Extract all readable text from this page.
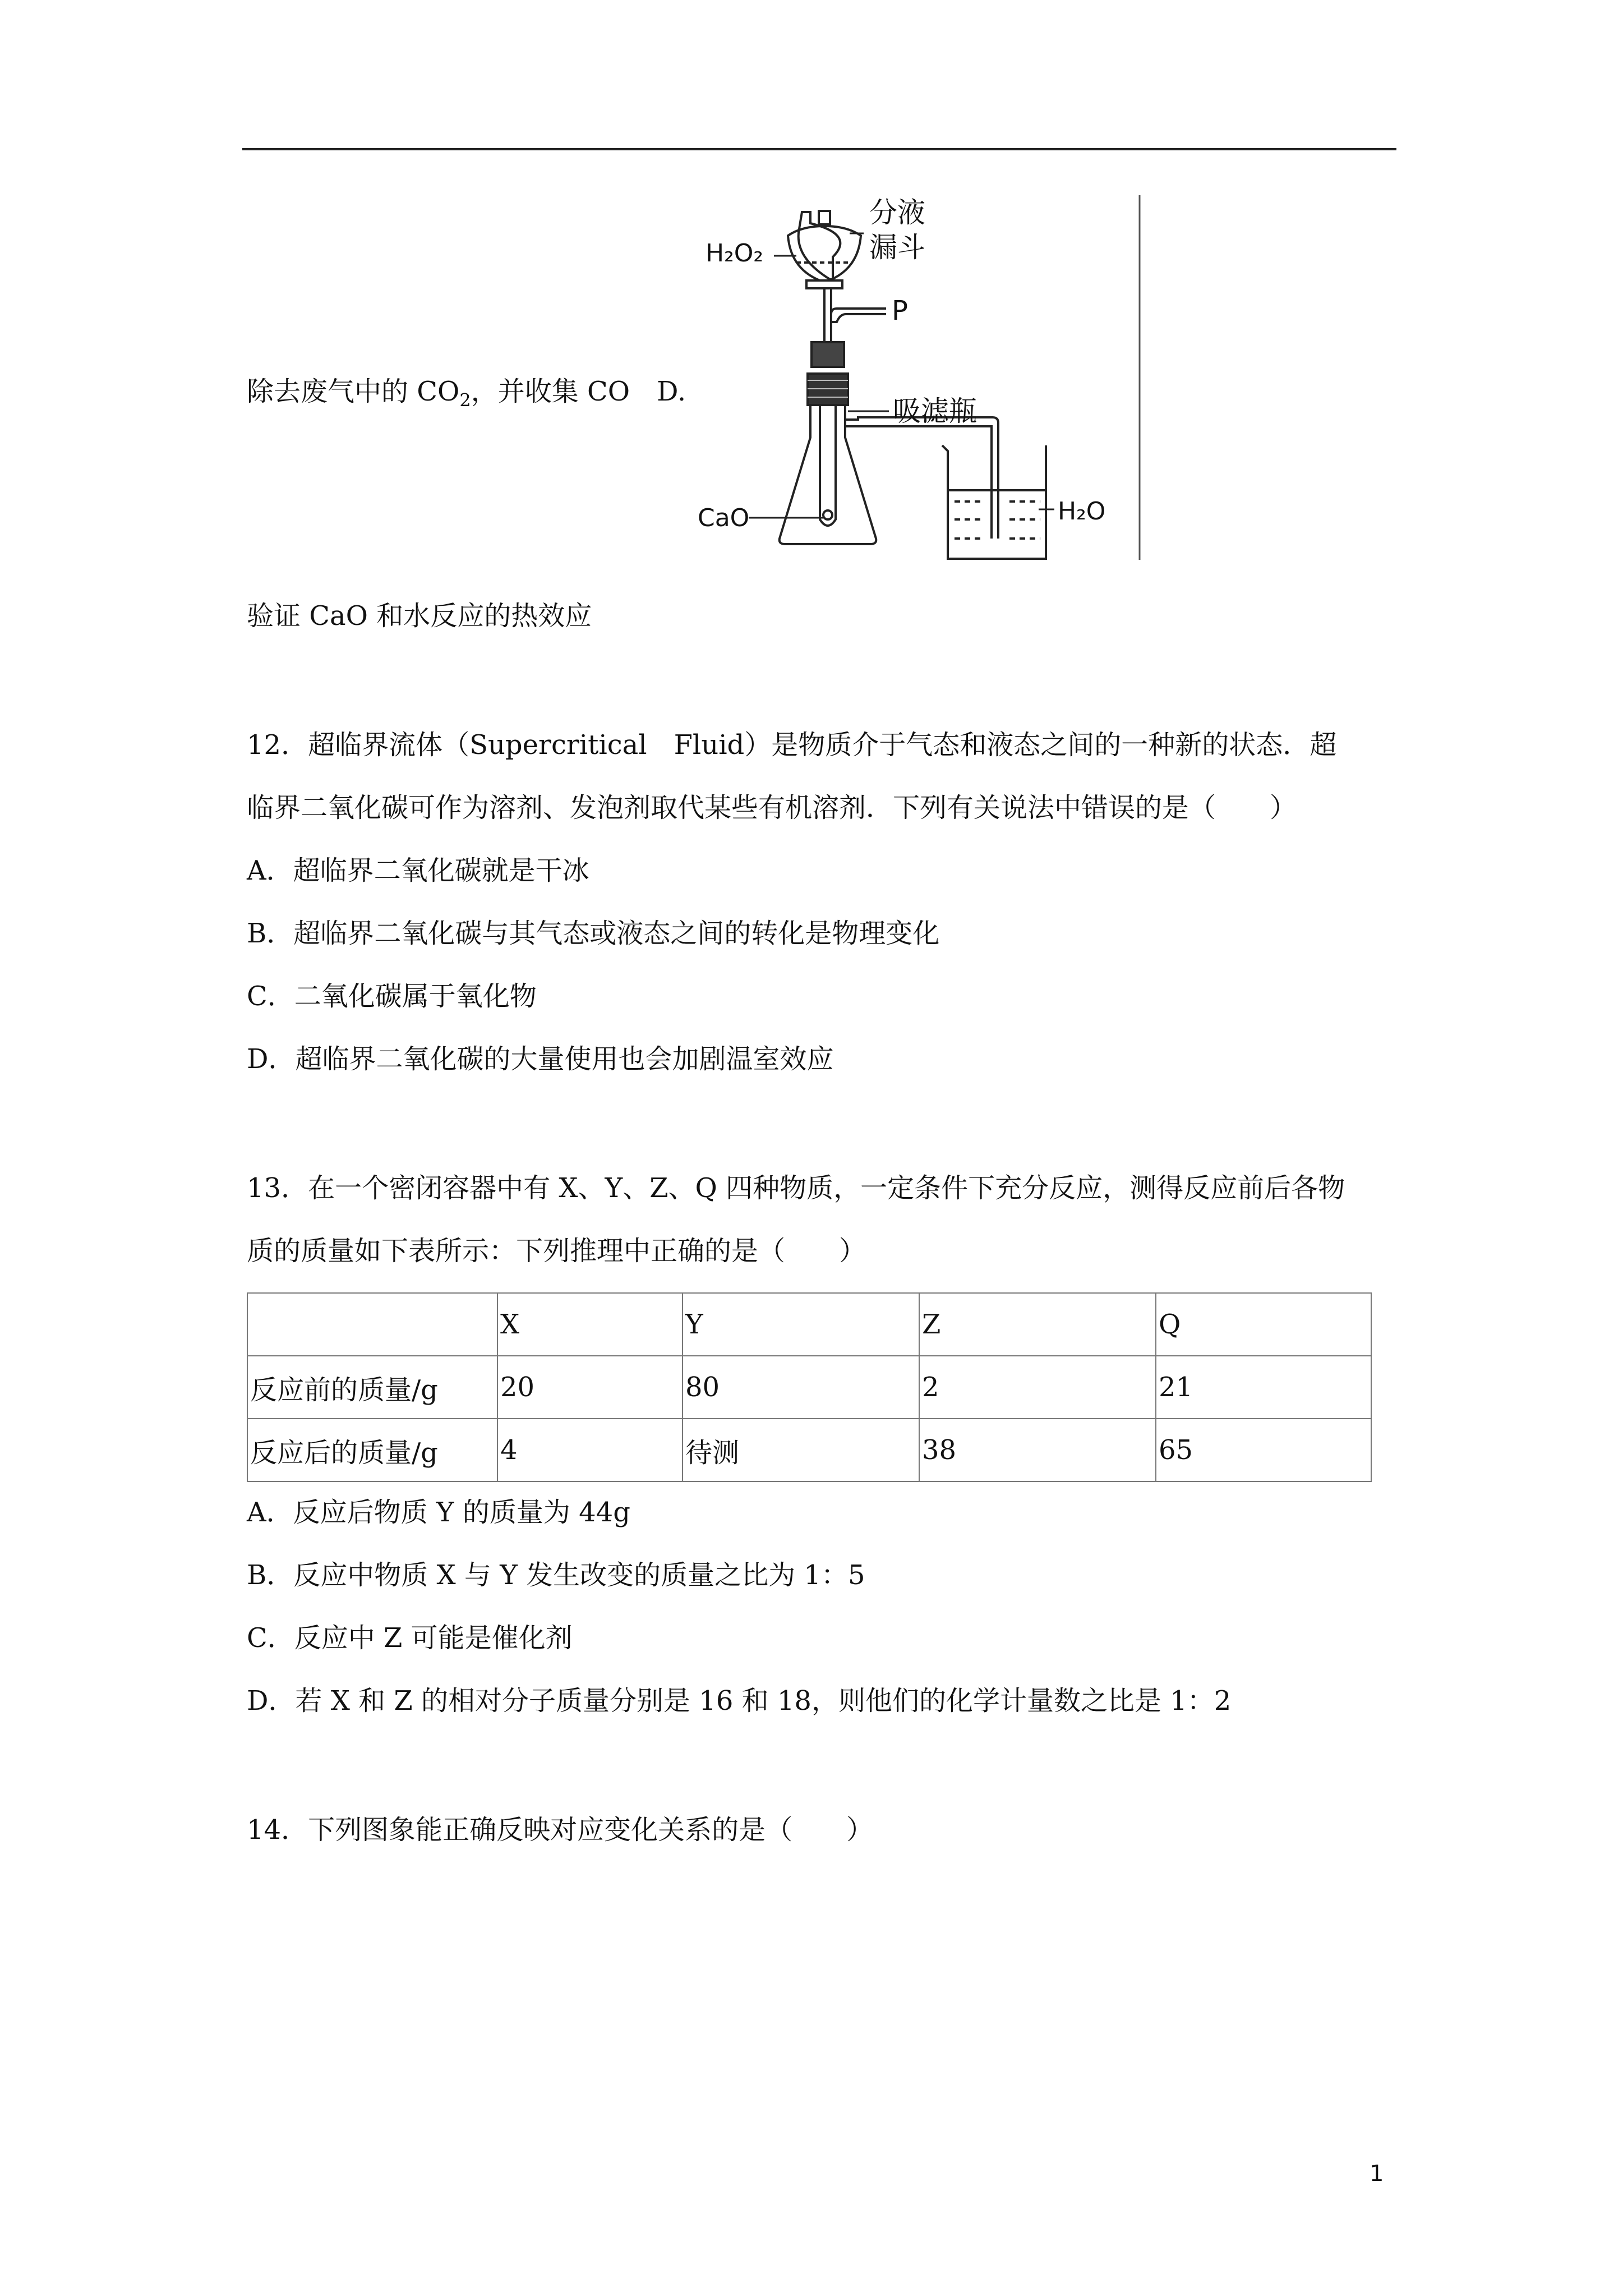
除去废气中的 $CO_2$，并收集 CO　D.
分液
漏斗
H₂O₂
P
吸滤瓶
CaO	H₂O
验证 CaO 和水反应的热效应
12．超临界流体（Supercritical　Fluid）是物质介于气态和液态之间的一种新的状态．超
临界二氧化碳可作为溶剂、发泡剂取代某些有机溶剂．下列有关说法中错误的是（　　）
A．超临界二氧化碳就是干冰
B．超临界二氧化碳与其气态或液态之间的转化是物理变化
C．二氧化碳属于氧化物
D．超临界二氧化碳的大量使用也会加剧温室效应
13．在一个密闭容器中有 X、Y、Z、Q 四种物质，一定条件下充分反应，测得反应前后各物
质的质量如下表所示：下列推理中正确的是（　　）
	X	Y	Z	Q
反应前的质量/g	20	80	2	21
反应后的质量/g	4	待测	38	65
A．反应后物质 Y 的质量为 44g
B．反应中物质 X 与 Y 发生改变的质量之比为 1：5
C．反应中 Z 可能是催化剂
D．若 X 和 Z 的相对分子质量分别是 16 和 18，则他们的化学计量数之比是 1：2
14．下列图象能正确反映对应变化关系的是（　　）
1
